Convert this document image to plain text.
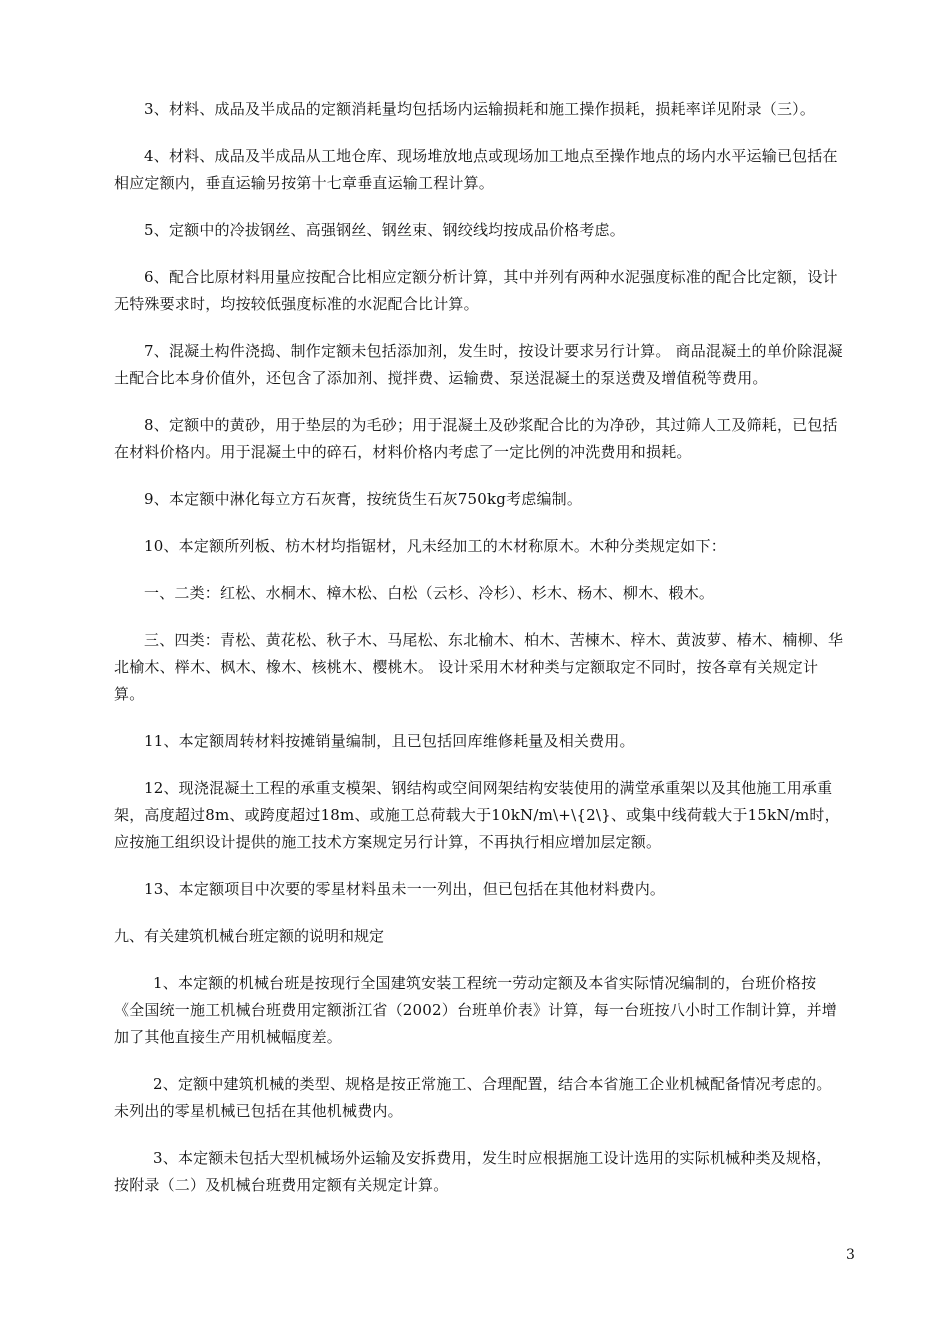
3、材料、成品及半成品的定额消耗量均包括场内运输损耗和施工操作损耗，损耗率详见附录（三）。

4、材料、成品及半成品从工地仓库、现场堆放地点或现场加工地点至操作地点的场内水平运输已包括在相应定额内，垂直运输另按第十七章垂直运输工程计算。

5、定额中的冷拔钢丝、高强钢丝、钢丝束、钢绞线均按成品价格考虑。

6、配合比原材料用量应按配合比相应定额分析计算，其中并列有两种水泥强度标准的配合比定额，设计无特殊要求时，均按较低强度标准的水泥配合比计算。

7、混凝土构件浇捣、制作定额未包括添加剂，发生时，按设计要求另行计算。 商品混凝土的单价除混凝土配合比本身价值外，还包含了添加剂、搅拌费、运输费、泵送混凝土的泵送费及增值税等费用。

8、定额中的黄砂，用于垫层的为毛砂；用于混凝土及砂浆配合比的为净砂，其过筛人工及筛耗，已包括在材料价格内。用于混凝土中的碎石，材料价格内考虑了一定比例的冲洗费用和损耗。

9、本定额中淋化每立方石灰膏，按统货生石灰750kg考虑编制。

10、本定额所列板、枋木材均指锯材，凡未经加工的木材称原木。木种分类规定如下：

一、二类：红松、水桐木、樟木松、白松（云杉、冷杉）、杉木、杨木、柳木、椴木。

三、四类：青松、黄花松、秋子木、马尾松、东北榆木、柏木、苦楝木、梓木、黄波萝、椿木、楠柳、华北榆木、榉木、枫木、橡木、核桃木、樱桃木。 设计采用木材种类与定额取定不同时，按各章有关规定计算。

11、本定额周转材料按摊销量编制，且已包括回库维修耗量及相关费用。

12、现浇混凝土工程的承重支模架、钢结构或空间网架结构安装使用的满堂承重架以及其他施工用承重架，高度超过8m、或跨度超过18m、或施工总荷载大于10kN/m\+\{2\}、或集中线荷载大于15kN/m时，应按施工组织设计提供的施工技术方案规定另行计算，不再执行相应增加层定额。

13、本定额项目中次要的零星材料虽未一一列出，但已包括在其他材料费内。

九、有关建筑机械台班定额的说明和规定

1、本定额的机械台班是按现行全国建筑安装工程统一劳动定额及本省实际情况编制的，台班价格按《全国统一施工机械台班费用定额浙江省（2002）台班单价表》计算，每一台班按八小时工作制计算，并增加了其他直接生产用机械幅度差。

2、定额中建筑机械的类型、规格是按正常施工、合理配置，结合本省施工企业机械配备情况考虑的。未列出的零星机械已包括在其他机械费内。

3、本定额未包括大型机械场外运输及安拆费用，发生时应根据施工设计选用的实际机械种类及规格，按附录（二）及机械台班费用定额有关规定计算。

3
